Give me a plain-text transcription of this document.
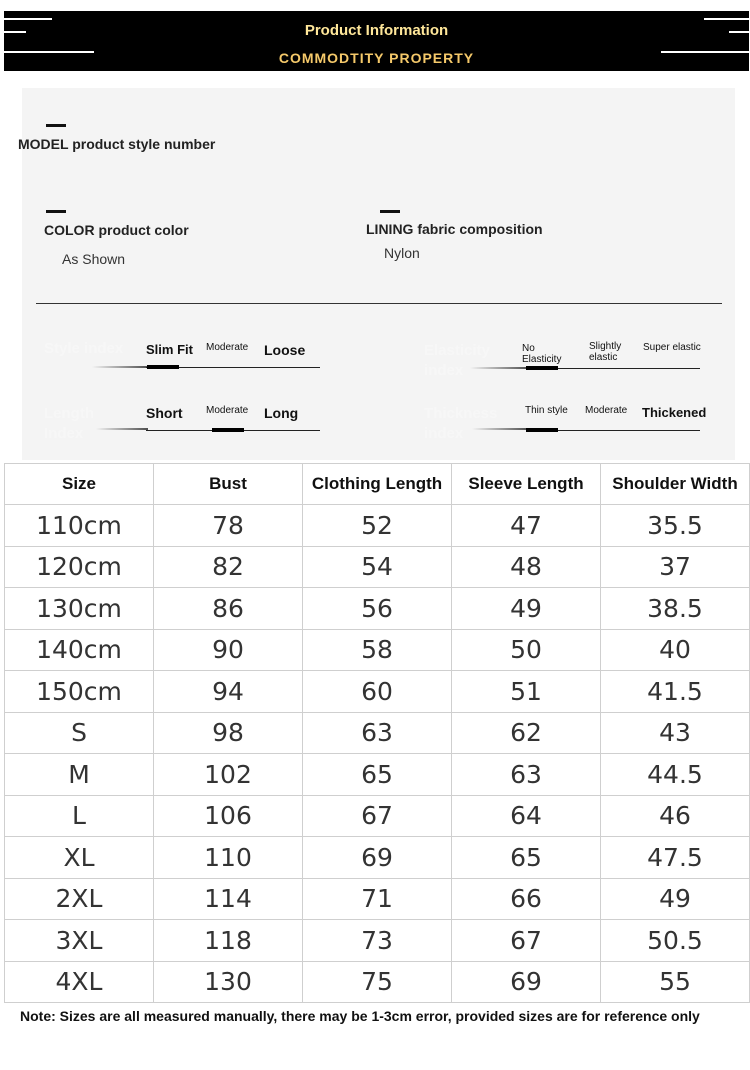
Product Information
COMMODTITY PROPERTY
MODEL product style number
COLOR product color
As Shown
LINING fabric composition
Nylon
Style index Slim Fit Moderate Loose	Elasticity index
No Elasticity
Slightly elastic
Super elastic
Length Index
Short Moderate Long	Thickness index
Thin style Moderate Thickened
Size	Bust	Clothing Length	Sleeve Length	Shoulder Width
110cm	78	52	47	35.5
120cm	82	54	48	37
130cm	86	56	49	38.5
140cm	90	58	50	40
150cm	94	60	51	41.5
S	98	63	62	43
M	102	65	63	44.5
L	106	67	64	46
XL	110	69	65	47.5
2XL	114	71	66	49
3XL	118	73	67	50.5
4XL	130	75	69	55
Note: Sizes are all measured manually, there may be 1-3cm error, provided sizes are for reference only
